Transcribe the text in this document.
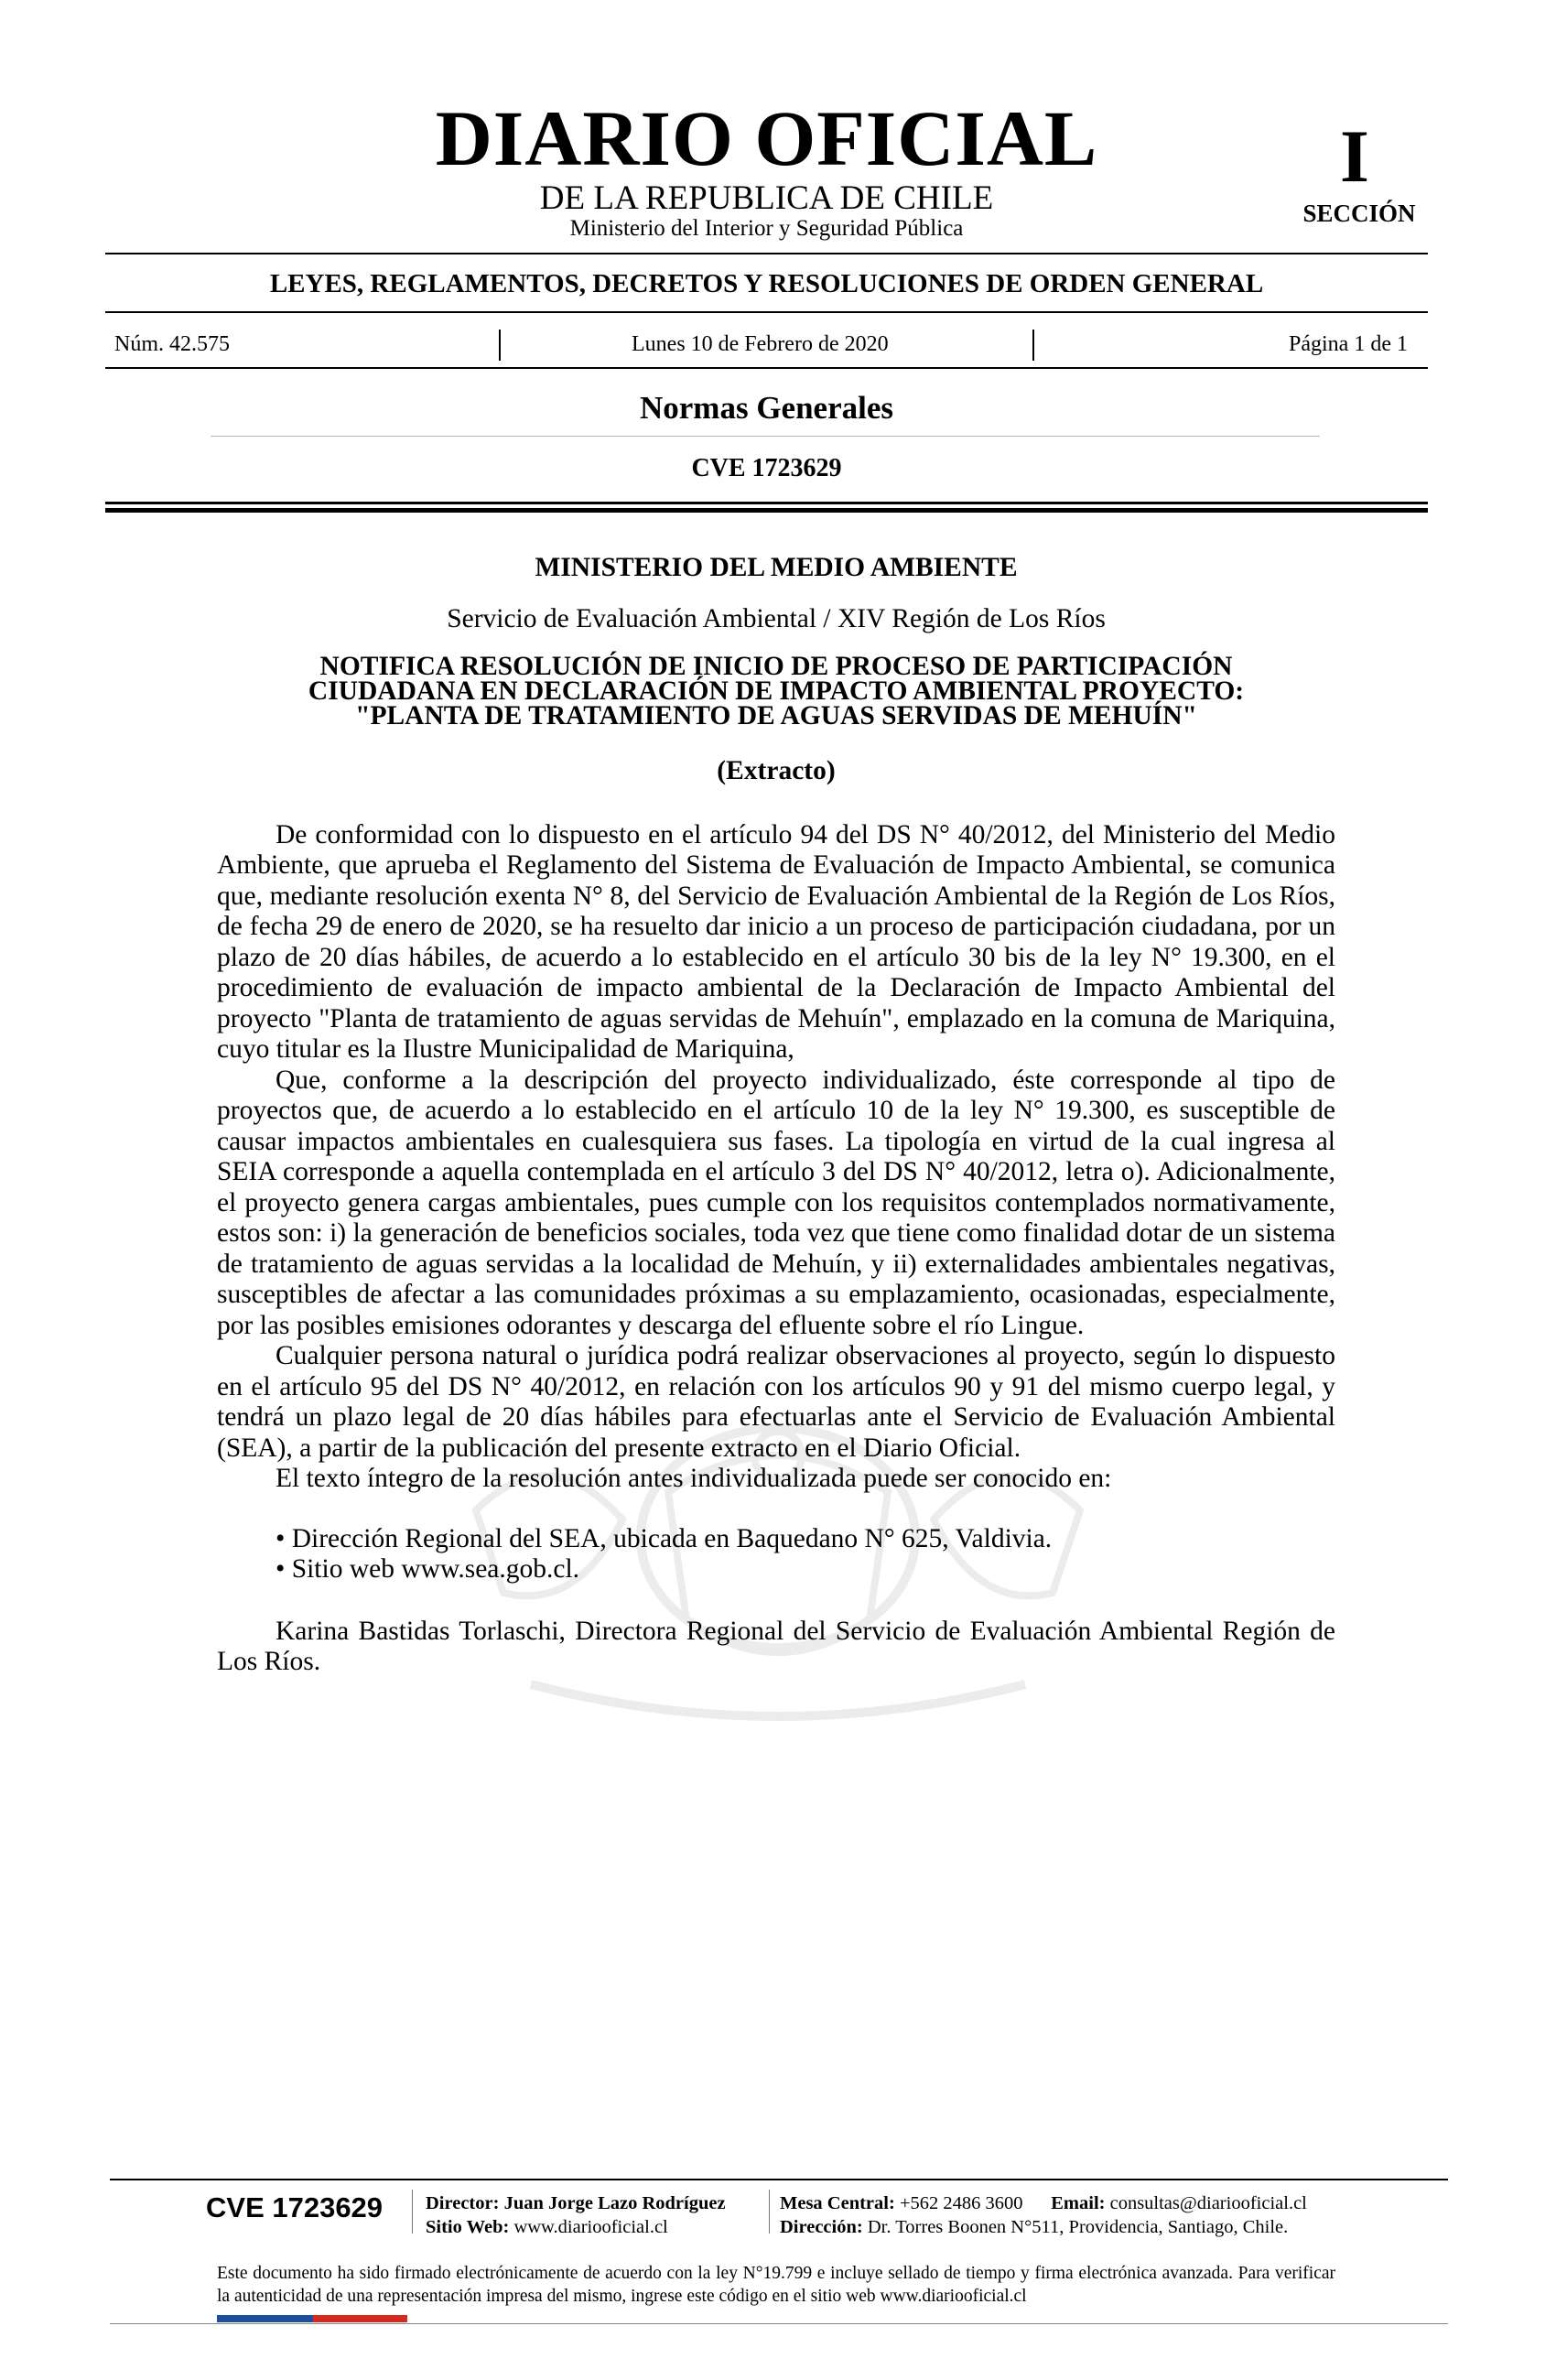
DIARIO OFICIAL
DE LA REPUBLICA DE CHILE
Ministerio del Interior y Seguridad Pública
I
SECCIÓN
LEYES, REGLAMENTOS, DECRETOS Y RESOLUCIONES DE ORDEN GENERAL
Núm. 42.575	Lunes 10 de Febrero de 2020	Página 1 de 1
Normas Generales
CVE 1723629
MINISTERIO DEL MEDIO AMBIENTE
Servicio de Evaluación Ambiental / XIV Región de Los Ríos
NOTIFICA RESOLUCIÓN DE INICIO DE PROCESO DE PARTICIPACIÓN
CIUDADANA EN DECLARACIÓN DE IMPACTO AMBIENTAL PROYECTO:
"PLANTA DE TRATAMIENTO DE AGUAS SERVIDAS DE MEHUÍN"
(Extracto)

De conformidad con lo dispuesto en el artículo 94 del DS N° 40/2012, del Ministerio del Medio Ambiente, que aprueba el Reglamento del Sistema de Evaluación de Impacto Ambiental, se comunica que, mediante resolución exenta N° 8, del Servicio de Evaluación Ambiental de la Región de Los Ríos, de fecha 29 de enero de 2020, se ha resuelto dar inicio a un proceso de participación ciudadana, por un plazo de 20 días hábiles, de acuerdo a lo establecido en el artículo 30 bis de la ley N° 19.300, en el procedimiento de evaluación de impacto ambiental de la Declaración de Impacto Ambiental del proyecto "Planta de tratamiento de aguas servidas de Mehuín", emplazado en la comuna de Mariquina, cuyo titular es la Ilustre Municipalidad de Mariquina,

Que, conforme a la descripción del proyecto individualizado, éste corresponde al tipo de proyectos que, de acuerdo a lo establecido en el artículo 10 de la ley N° 19.300, es susceptible de causar impactos ambientales en cualesquiera sus fases. La tipología en virtud de la cual ingresa al SEIA corresponde a aquella contemplada en el artículo 3 del DS N° 40/2012, letra o). Adicionalmente, el proyecto genera cargas ambientales, pues cumple con los requisitos contemplados normativamente, estos son: i) la generación de beneficios sociales, toda vez que tiene como finalidad dotar de un sistema de tratamiento de aguas servidas a la localidad de Mehuín, y ii) externalidades ambientales negativas, susceptibles de afectar a las comunidades próximas a su emplazamiento, ocasionadas, especialmente, por las posibles emisiones odorantes y descarga del efluente sobre el río Lingue.

Cualquier persona natural o jurídica podrá realizar observaciones al proyecto, según lo dispuesto en el artículo 95 del DS N° 40/2012, en relación con los artículos 90 y 91 del mismo cuerpo legal, y tendrá un plazo legal de 20 días hábiles para efectuarlas ante el Servicio de Evaluación Ambiental (SEA), a partir de la publicación del presente extracto en el Diario Oficial.

El texto íntegro de la resolución antes individualizada puede ser conocido en:

• Dirección Regional del SEA, ubicada en Baquedano N° 625, Valdivia.
• Sitio web www.sea.gob.cl.

Karina Bastidas Torlaschi, Directora Regional del Servicio de Evaluación Ambiental Región de Los Ríos.

CVE 1723629 Director: Juan Jorge Lazo Rodríguez
Sitio Web: www.diariooficial.cl
Mesa Central: +562 2486 3600 Email: consultas@diariooficial.cl
Dirección: Dr. Torres Boonen N°511, Providencia, Santiago, Chile.
Este documento ha sido firmado electrónicamente de acuerdo con la ley N°19.799 e incluye sellado de tiempo y firma electrónica avanzada. Para verificar la autenticidad de una representación impresa del mismo, ingrese este código en el sitio web www.diariooficial.cl
